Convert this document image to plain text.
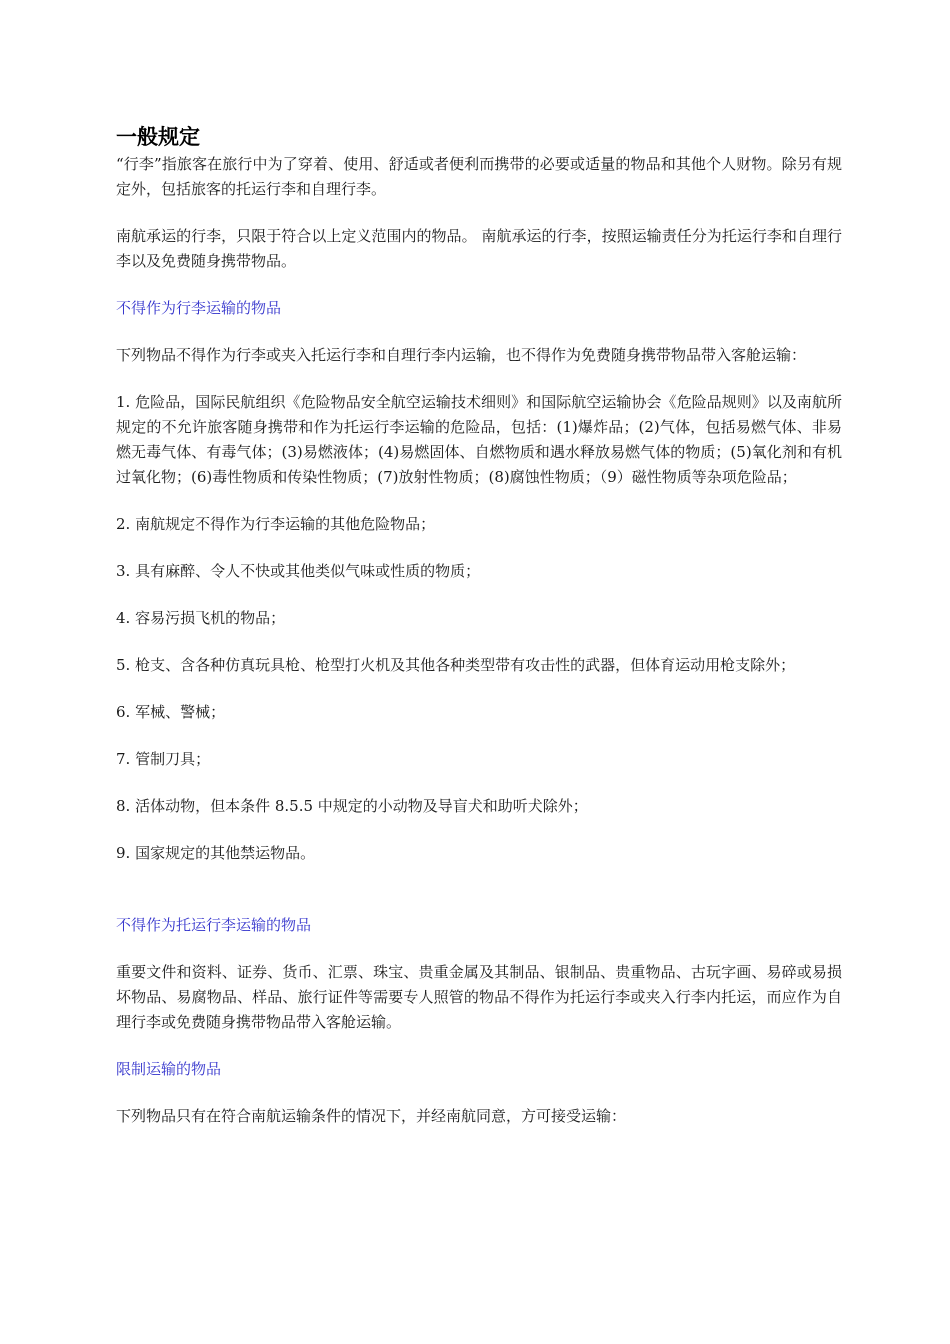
一般规定

“行李”指旅客在旅行中为了穿着、使用、舒适或者便利而携带的必要或适量的物品和其他个人财物。除另有规定外，包括旅客的托运行李和自理行李。

南航承运的行李，只限于符合以上定义范围内的物品。 南航承运的行李，按照运输责任分为托运行李和自理行李以及免费随身携带物品。

不得作为行李运输的物品

下列物品不得作为行李或夹入托运行李和自理行李内运输，也不得作为免费随身携带物品带入客舱运输：

1. 危险品，国际民航组织《危险物品安全航空运输技术细则》和国际航空运输协会《危险品规则》以及南航所规定的不允许旅客随身携带和作为托运行李运输的危险品，包括：(1)爆炸品；(2)气体，包括易燃气体、非易燃无毒气体、有毒气体；(3)易燃液体；(4)易燃固体、自燃物质和遇水释放易燃气体的物质；(5)氧化剂和有机过氧化物；(6)毒性物质和传染性物质；(7)放射性物质；(8)腐蚀性物质；（9）磁性物质等杂项危险品；

2. 南航规定不得作为行李运输的其他危险物品；

3. 具有麻醉、令人不快或其他类似气味或性质的物质；

4. 容易污损飞机的物品；

5. 枪支、含各种仿真玩具枪、枪型打火机及其他各种类型带有攻击性的武器，但体育运动用枪支除外；

6. 军械、警械；

7. 管制刀具；

8. 活体动物，但本条件 8.5.5 中规定的小动物及导盲犬和助听犬除外；

9. 国家规定的其他禁运物品。

不得作为托运行李运输的物品

重要文件和资料、证券、货币、汇票、珠宝、贵重金属及其制品、银制品、贵重物品、古玩字画、易碎或易损坏物品、易腐物品、样品、旅行证件等需要专人照管的物品不得作为托运行李或夹入行李内托运，而应作为自理行李或免费随身携带物品带入客舱运输。

限制运输的物品

下列物品只有在符合南航运输条件的情况下，并经南航同意，方可接受运输：
